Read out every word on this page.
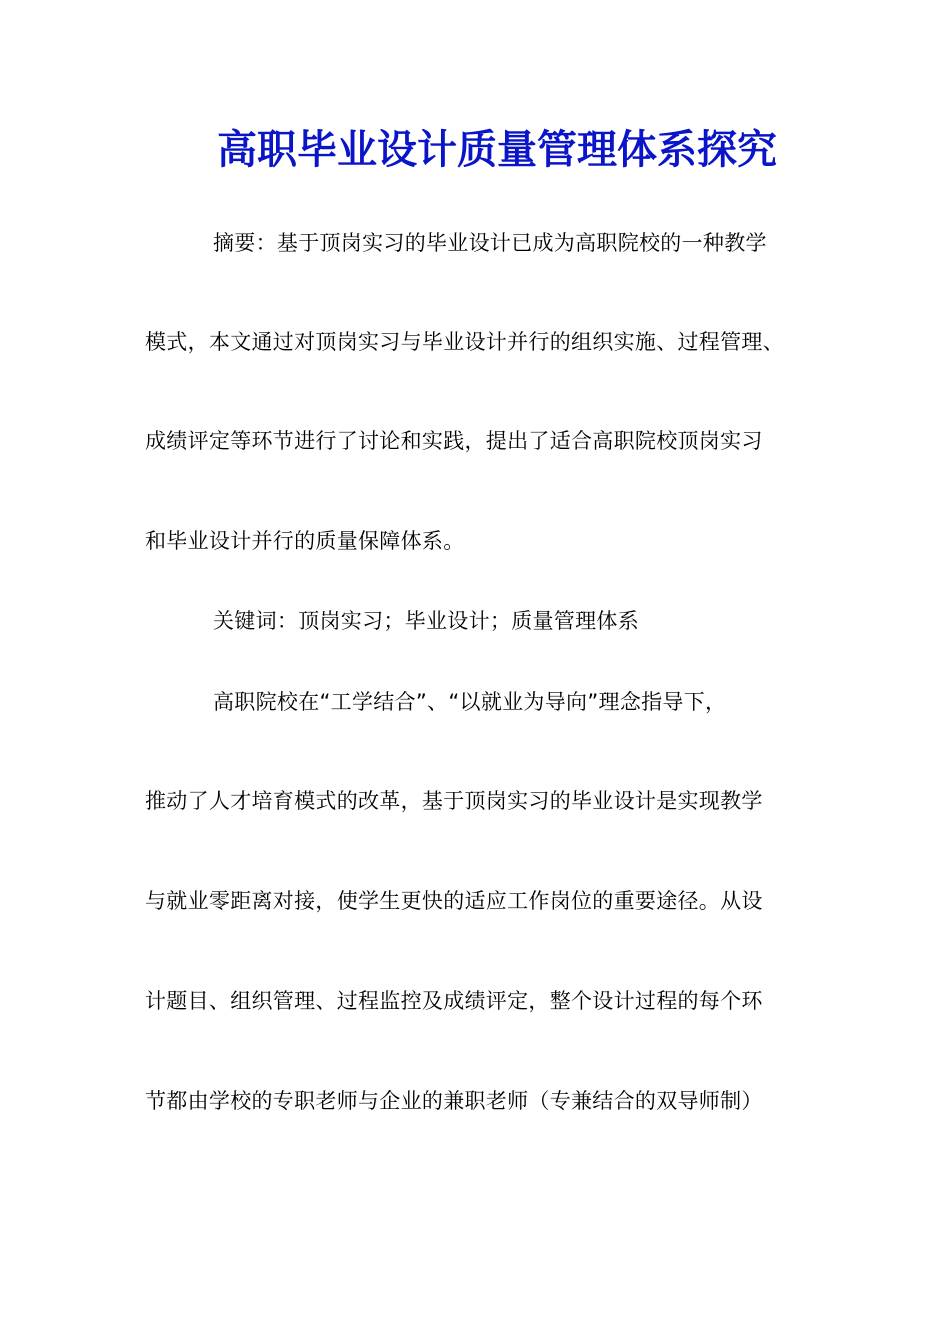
高职毕业设计质量管理体系探究
摘要：基于顶岗实习的毕业设计已成为高职院校的一种教学
模式，本文通过对顶岗实习与毕业设计并行的组织实施、过程管理、
成绩评定等环节进行了讨论和实践，提出了适合高职院校顶岗实习
和毕业设计并行的质量保障体系。
关键词：顶岗实习；毕业设计；质量管理体系
高职院校在“工学结合”、“以就业为导向”理念指导下，
推动了人才培育模式的改革，基于顶岗实习的毕业设计是实现教学
与就业零距离对接，使学生更快的适应工作岗位的重要途径。从设
计题目、组织管理、过程监控及成绩评定，整个设计过程的每个环
节都由学校的专职老师与企业的兼职老师（专兼结合的双导师制）
